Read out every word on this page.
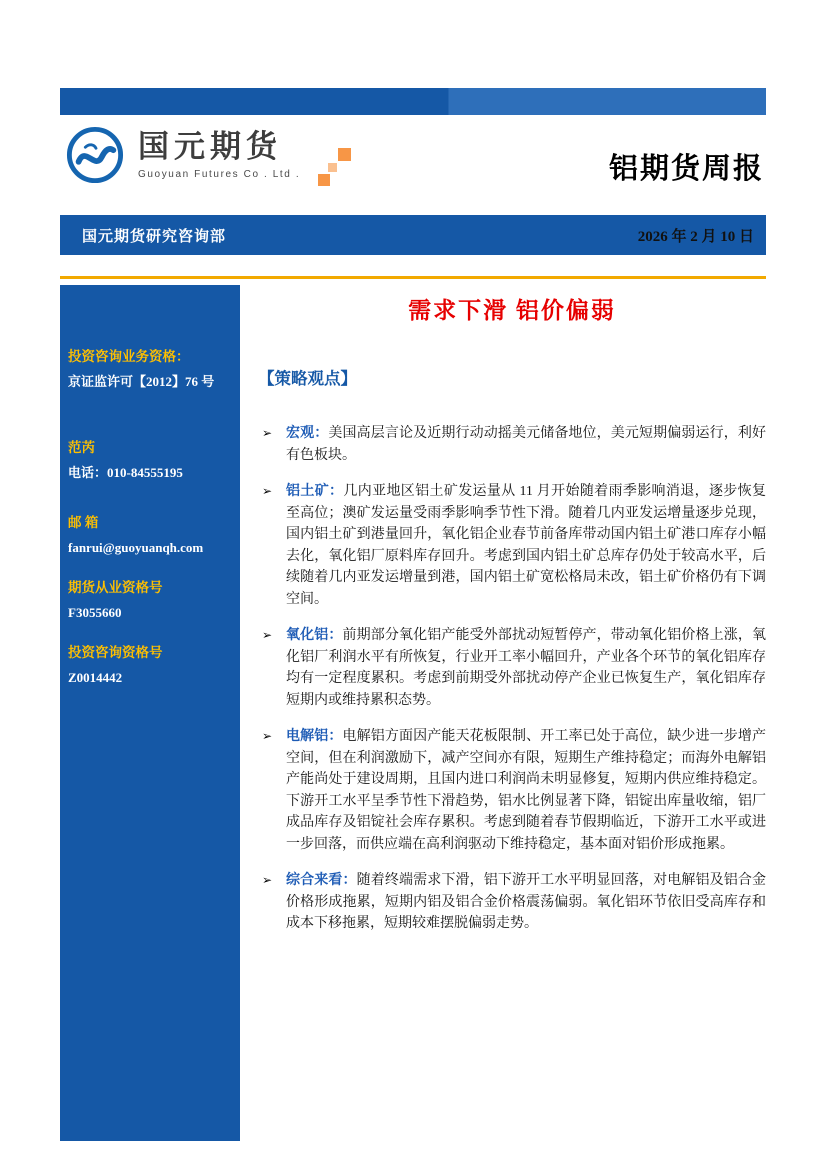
国元期货
Guoyuan Futures Co . Ltd .	铝期货周报
国元期货研究咨询部	2026 年 2 月 10 日
投资咨询业务资格：
京证监许可【2012】76 号
范芮
电话：010-84555195
邮 箱
fanrui@guoyuanqh.com
期货从业资格号
F3055660
投资咨询资格号
Z0014442
需求下滑 铝价偏弱
【策略观点】
➢ 宏观：美国高层言论及近期行动动摇美元储备地位，美元短期偏弱运行，利好有色板块。
➢ 铝土矿：几内亚地区铝土矿发运量从 11 月开始随着雨季影响消退，逐步恢复至高位；澳矿发运量受雨季影响季节性下滑。随着几内亚发运增量逐步兑现，国内铝土矿到港量回升，氧化铝企业春节前备库带动国内铝土矿港口库存小幅去化，氧化铝厂原料库存回升。考虑到国内铝土矿总库存仍处于较高水平，后续随着几内亚发运增量到港，国内铝土矿宽松格局未改，铝土矿价格仍有下调空间。
➢ 氧化铝：前期部分氧化铝产能受外部扰动短暂停产，带动氧化铝价格上涨，氧化铝厂利润水平有所恢复，行业开工率小幅回升，产业各个环节的氧化铝库存均有一定程度累积。考虑到前期受外部扰动停产企业已恢复生产，氧化铝库存短期内或维持累积态势。
➢ 电解铝：电解铝方面因产能天花板限制、开工率已处于高位，缺少进一步增产空间，但在利润激励下，减产空间亦有限，短期生产维持稳定；而海外电解铝产能尚处于建设周期，且国内进口利润尚未明显修复，短期内供应维持稳定。下游开工水平呈季节性下滑趋势，铝水比例显著下降，铝锭出库量收缩，铝厂成品库存及铝锭社会库存累积。考虑到随着春节假期临近，下游开工水平或进一步回落，而供应端在高利润驱动下维持稳定，基本面对铝价形成拖累。
➢ 综合来看：随着终端需求下滑，铝下游开工水平明显回落，对电解铝及铝合金价格形成拖累，短期内铝及铝合金价格震荡偏弱。氧化铝环节依旧受高库存和成本下移拖累，短期较难摆脱偏弱走势。
